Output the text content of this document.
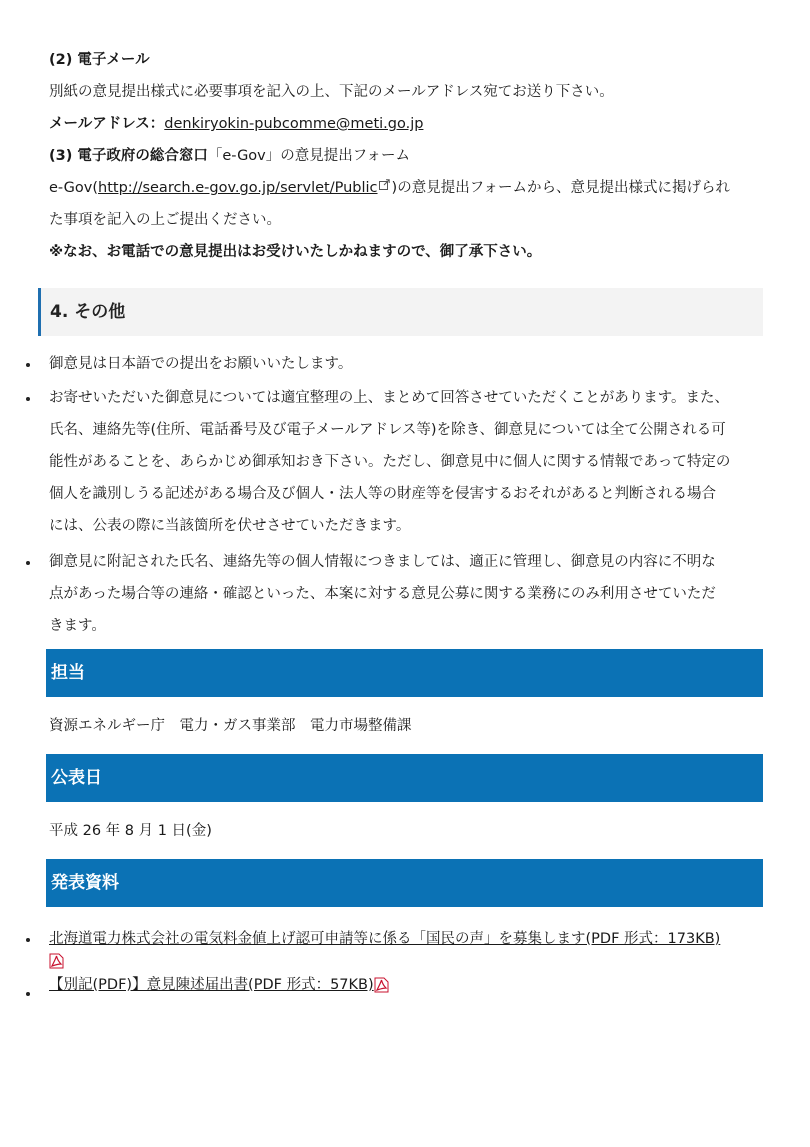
(2) 電子メール
別紙の意見提出様式に必要事項を記入の上、下記のメールアドレス宛てお送り下さい。
メールアドレス：denkiryokin-pubcomme@meti.go.jp
(3) 電子政府の総合窓口「e-Gov」の意見提出フォーム
e-Gov(http://search.e-gov.go.jp/servlet/Public )の意見提出フォームから、意見提出様式に掲げられ
た事項を記入の上ご提出ください。
※なお、お電話での意見提出はお受けいたしかねますので、御了承下さい。
4. その他
御意見は日本語での提出をお願いいたします。
お寄せいただいた御意見については適宜整理の上、まとめて回答させていただくことがあります。また、
氏名、連絡先等(住所、電話番号及び電子メールアドレス等)を除き、御意見については全て公開される可
能性があることを、あらかじめ御承知おき下さい。ただし、御意見中に個人に関する情報であって特定の
個人を識別しうる記述がある場合及び個人・法人等の財産等を侵害するおそれがあると判断される場合
には、公表の際に当該箇所を伏せさせていただきます。
御意見に附記された氏名、連絡先等の個人情報につきましては、適正に管理し、御意見の内容に不明な
点があった場合等の連絡・確認といった、本案に対する意見公募に関する業務にのみ利用させていただ
きます。
担当
資源エネルギー庁　電力・ガス事業部　電力市場整備課
公表日
平成 26 年 8 月 1 日(金)
発表資料
北海道電力株式会社の電気料金値上げ認可申請等に係る「国民の声」を募集します(PDF 形式：173KB)
【別記(PDF)】意見陳述届出書(PDF 形式：57KB)
